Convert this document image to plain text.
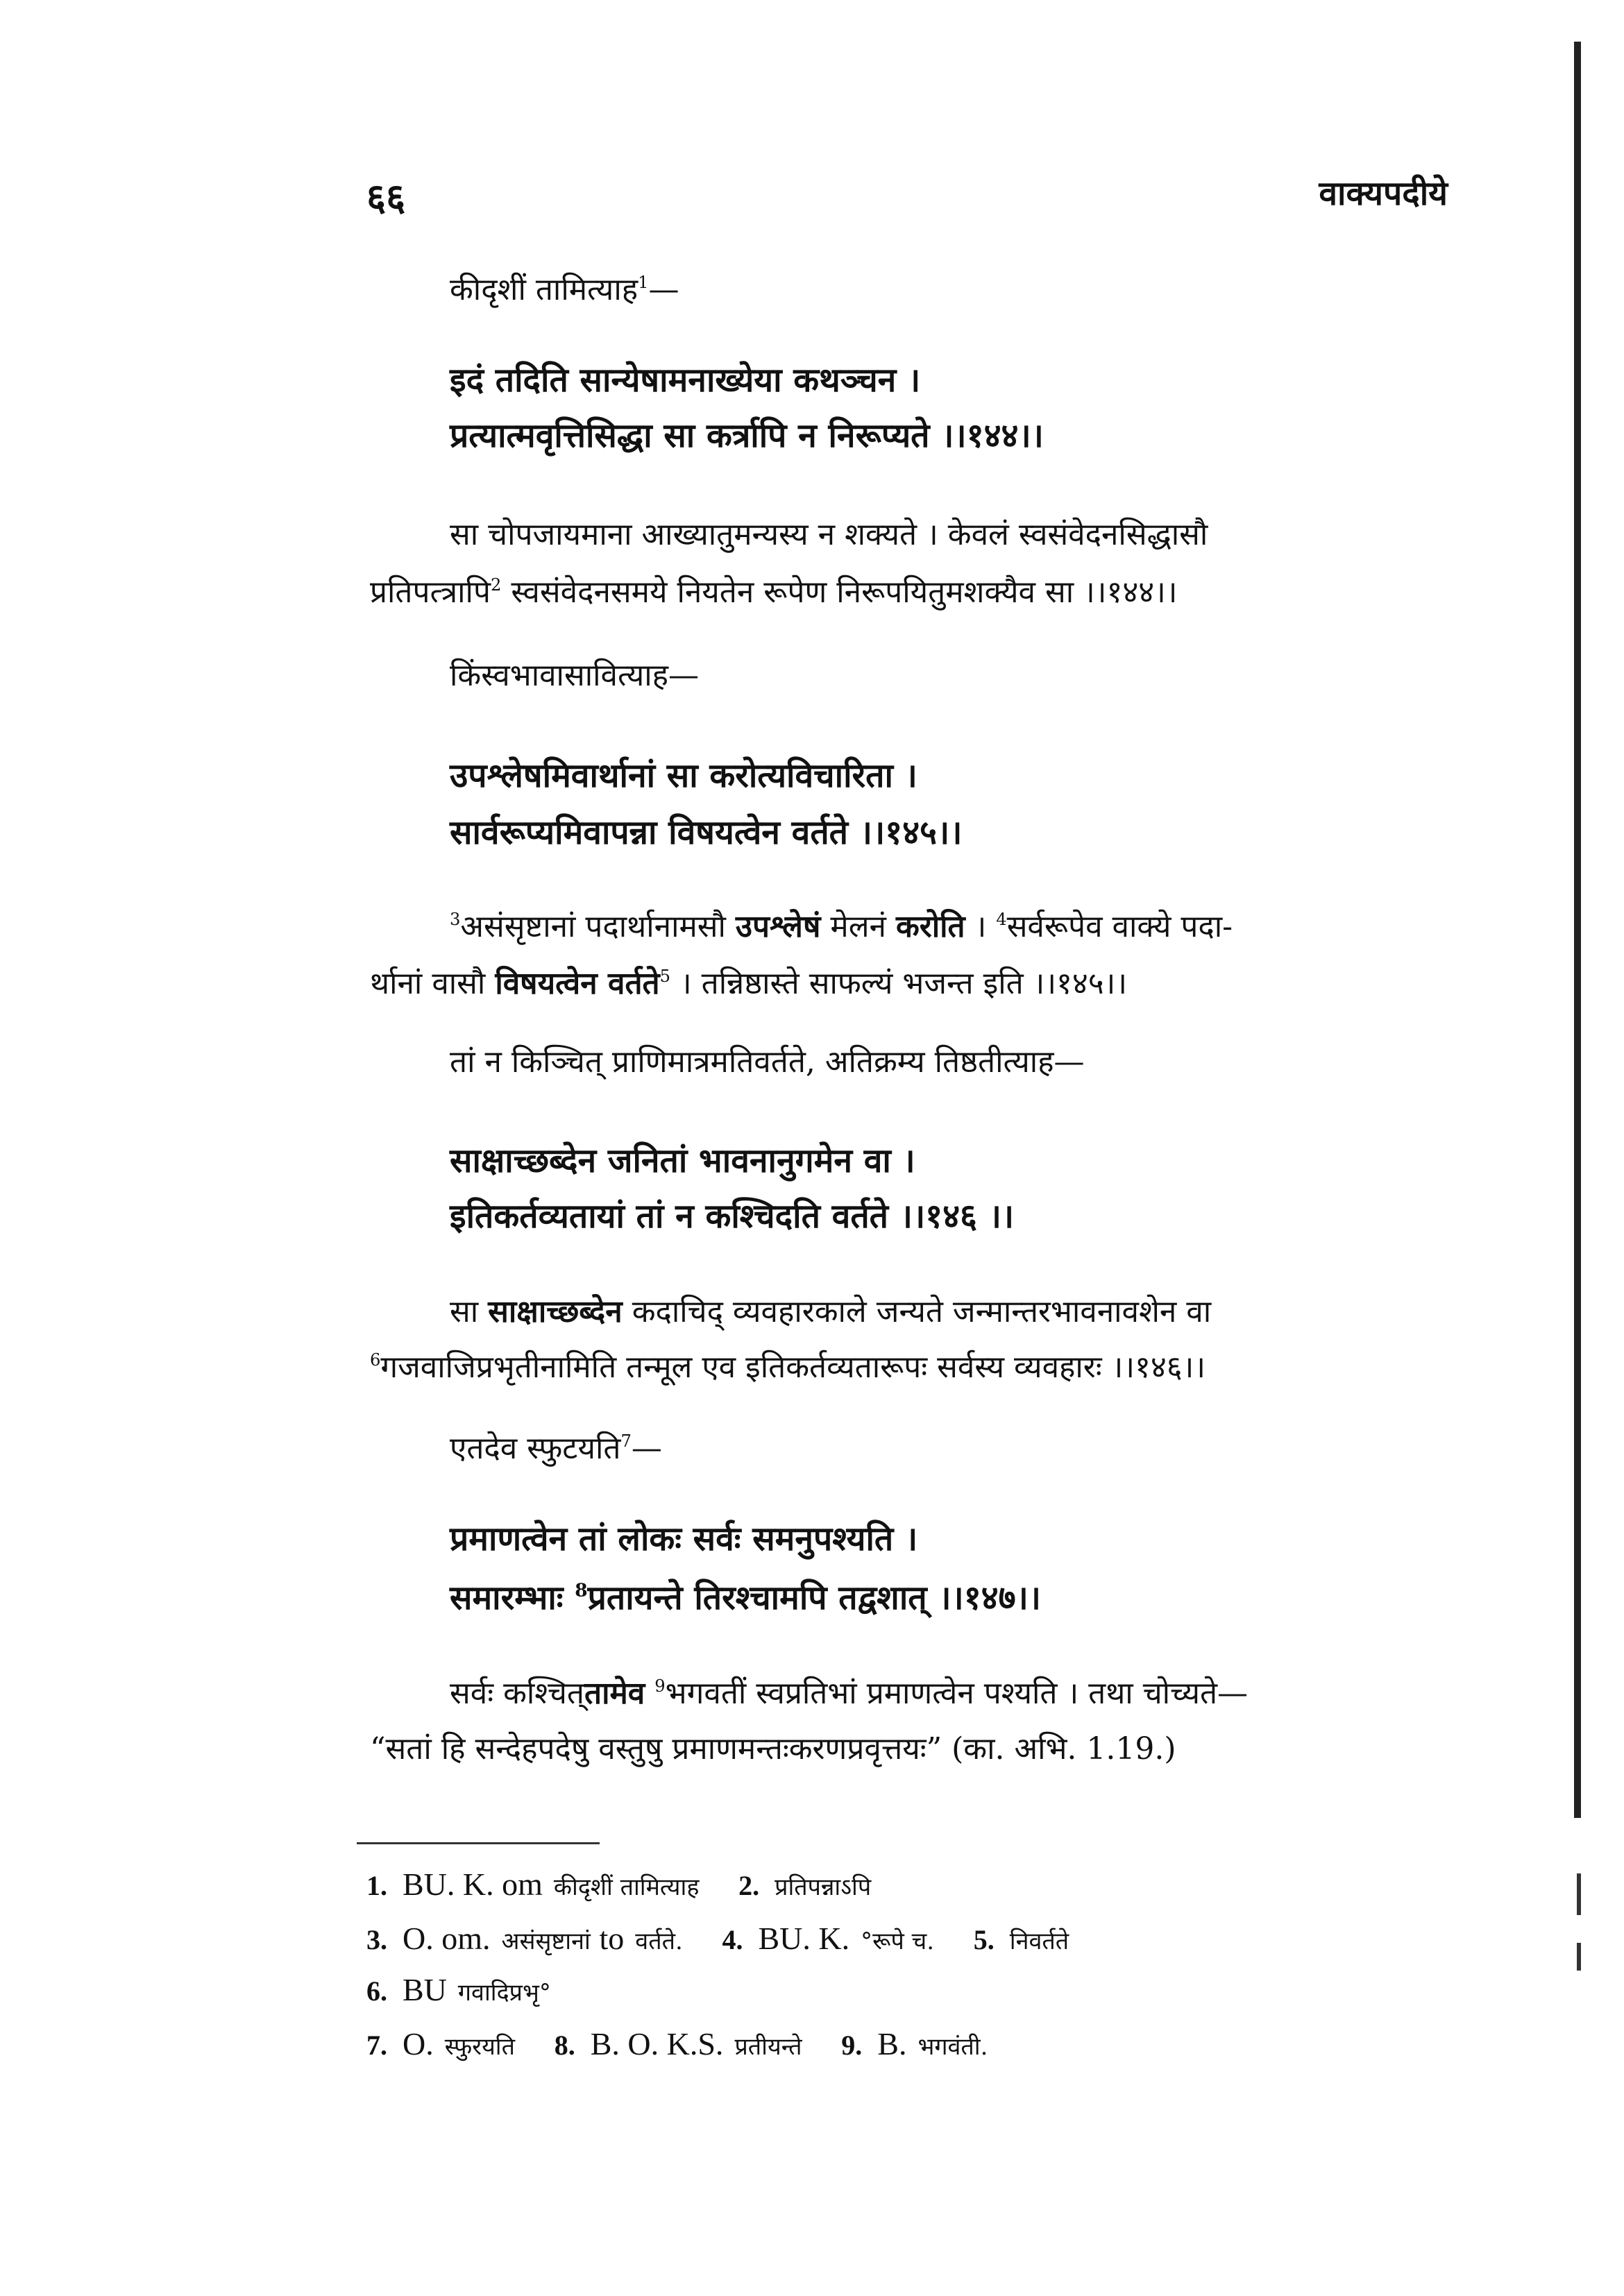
६६	वाक्यपदीये
कीदृशीं तामित्याह$^1$—
इदं तदिति सान्येषामनाख्येया कथञ्चन ।
प्रत्यात्मवृत्तिसिद्धा सा कर्त्रापि न निरूप्यते ।।१४४।।
सा चोपजायमाना आख्यातुमन्यस्य न शक्यते । केवलं स्वसंवेदनसिद्धासौ
प्रतिपत्त्रापि$^2$ स्वसंवेदनसमये नियतेन रूपेण निरूपयितुमशक्यैव सा ।।१४४।।
किंस्वभावासावित्याह—
उपश्लेषमिवार्थानां सा करोत्यविचारिता ।
सार्वरूप्यमिवापन्ना विषयत्वेन वर्तते ।।१४५।।
$^3$असंसृष्टानां पदार्थानामसौ उपश्लेषं मेलनं करोति । $^4$सर्वरूपेव वाक्ये पदा-
र्थानां वासौ विषयत्वेन वर्तते$^5$ । तन्निष्ठास्ते साफल्यं भजन्त इति ।।१४५।।
तां न किञ्चित् प्राणिमात्रमतिवर्तते, अतिक्रम्य तिष्ठतीत्याह—
साक्षाच्छब्देन जनितां भावनानुगमेन वा ।
इतिकर्तव्यतायां तां न कश्चिदति वर्तते ।।१४६ ।।
सा साक्षाच्छब्देन कदाचिद् व्यवहारकाले जन्यते जन्मान्तरभावनावशेन वा
$^6$गजवाजिप्रभृतीनामिति तन्मूल एव इतिकर्तव्यतारूपः सर्वस्य व्यवहारः ।।१४६।।
एतदेव स्फुटयति$^7$—
प्रमाणत्वेन तां लोकः सर्वः समनुपश्यति ।
समारम्भाः $^8$प्रतायन्ते तिरश्चामपि तद्वशात् ।।१४७।।
सर्वः कश्चित्तामेव $^9$भगवतीं स्वप्रतिभां प्रमाणत्वेन पश्यति । तथा चोच्यते—
“सतां हि सन्देहपदेषु वस्तुषु प्रमाणमन्तःकरणप्रवृत्तयः” (का. अभि. 1.19.)
1. BU. K. om कीदृशीं तामित्याह 2. प्रतिपन्नाऽपि
3. O. om. असंसृष्टानां to वर्तते. 4. BU. K. °रूपे च. 5. निवर्तते
6. BU गवादिप्रभृ°
7. O. स्फुरयति 8. B. O. K.S. प्रतीयन्ते 9. B. भगवंती.
